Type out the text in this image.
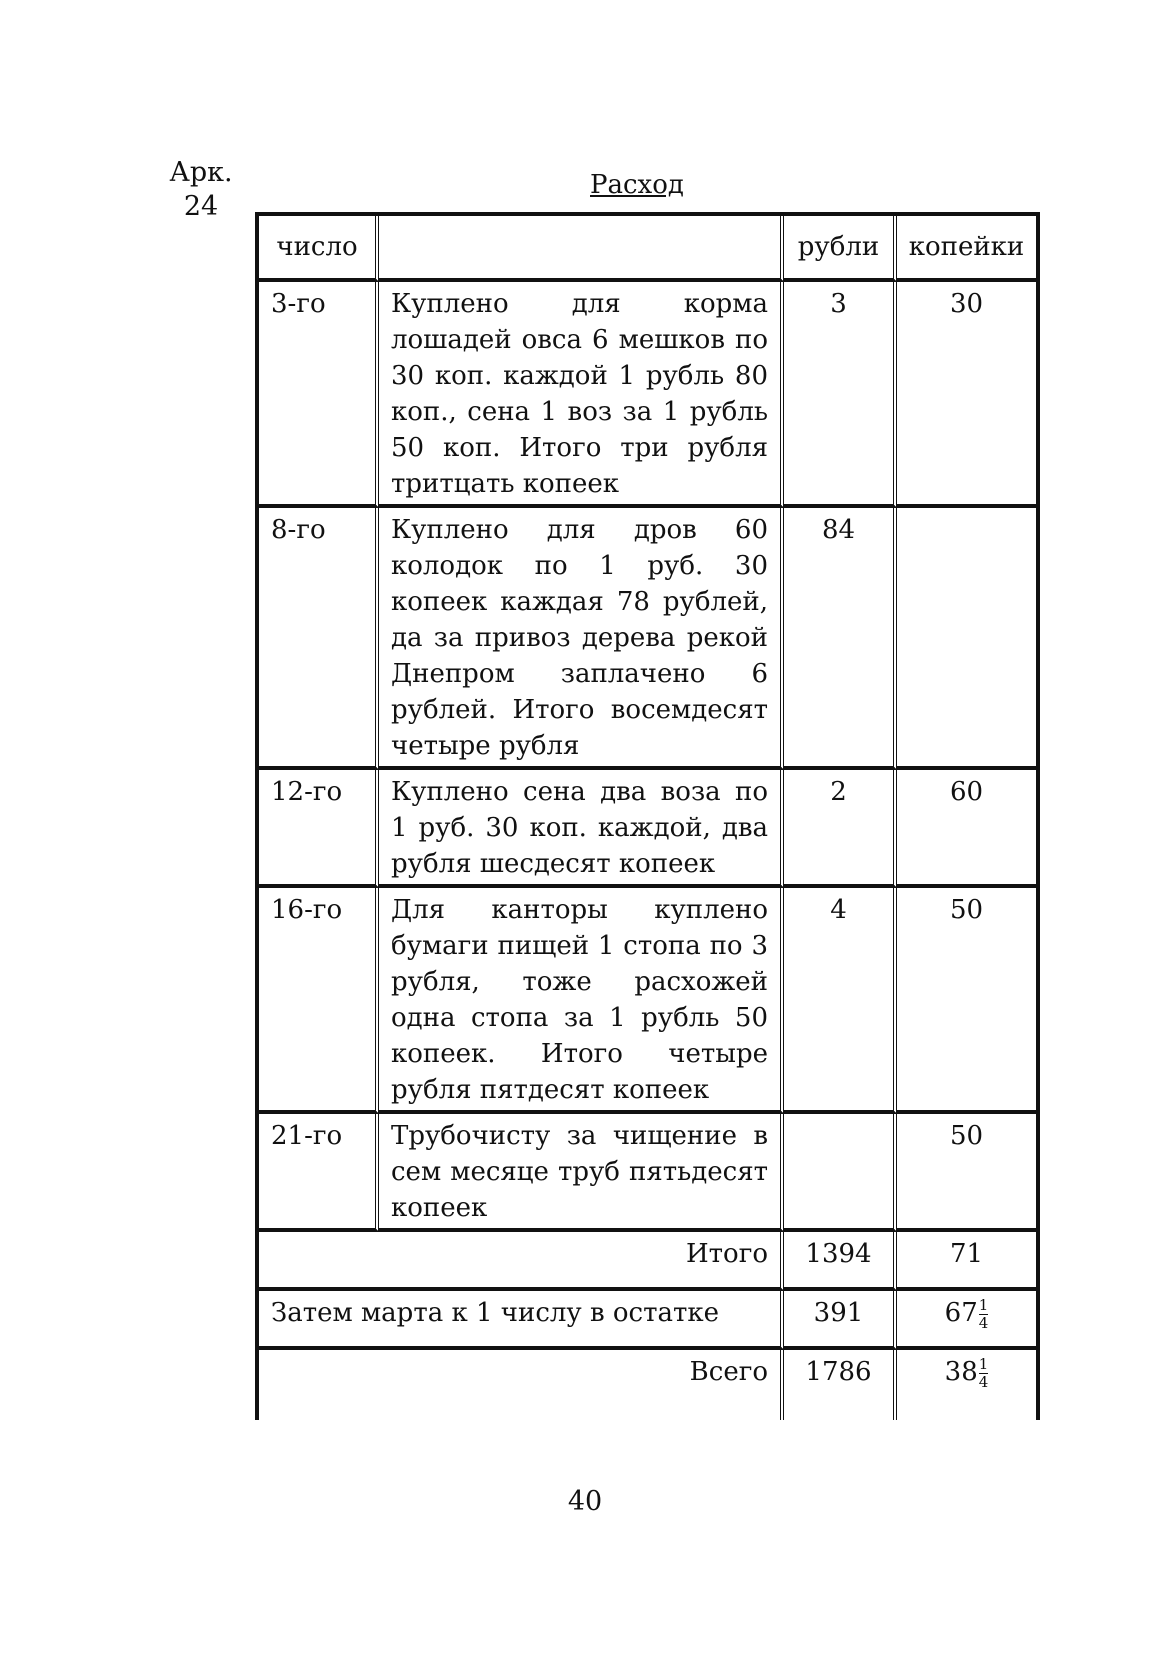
Арк.
24
Расход
число		рубли	копейки
3-го	Куплено для корма лошадей овса 6 мешков по 30 коп. каждой 1 рубль 80 коп., сена 1 воз за 1 рубль 50 коп. Итого три рубля тритцать копеек	3	30
8-го	Куплено для дров 60 колодок по 1 руб. 30 копеек каждая 78 рублей, да за привоз дерева рекой Днепром заплачено 6 рублей. Итого восемдесят четыре рубля	84	
12-го	Куплено сена два воза по 1 руб. 30 коп. каждой, два рубля шесдесят копеек	2	60
16-го	Для канторы куплено бумаги пищей 1 стопа по 3 рубля, тоже расхожей одна стопа за 1 рубль 50 копеек. Итого четыре рубля пятдесят копеек	4	50
21-го	Трубочисту за чищение в сем месяце труб пятьдесят копеек		50
Итого		1394	71
Затем марта к 1 числу в остатке		391	$67 \frac{1}{4}$

Всего		1786	$38 \frac{1}{4}$
40
